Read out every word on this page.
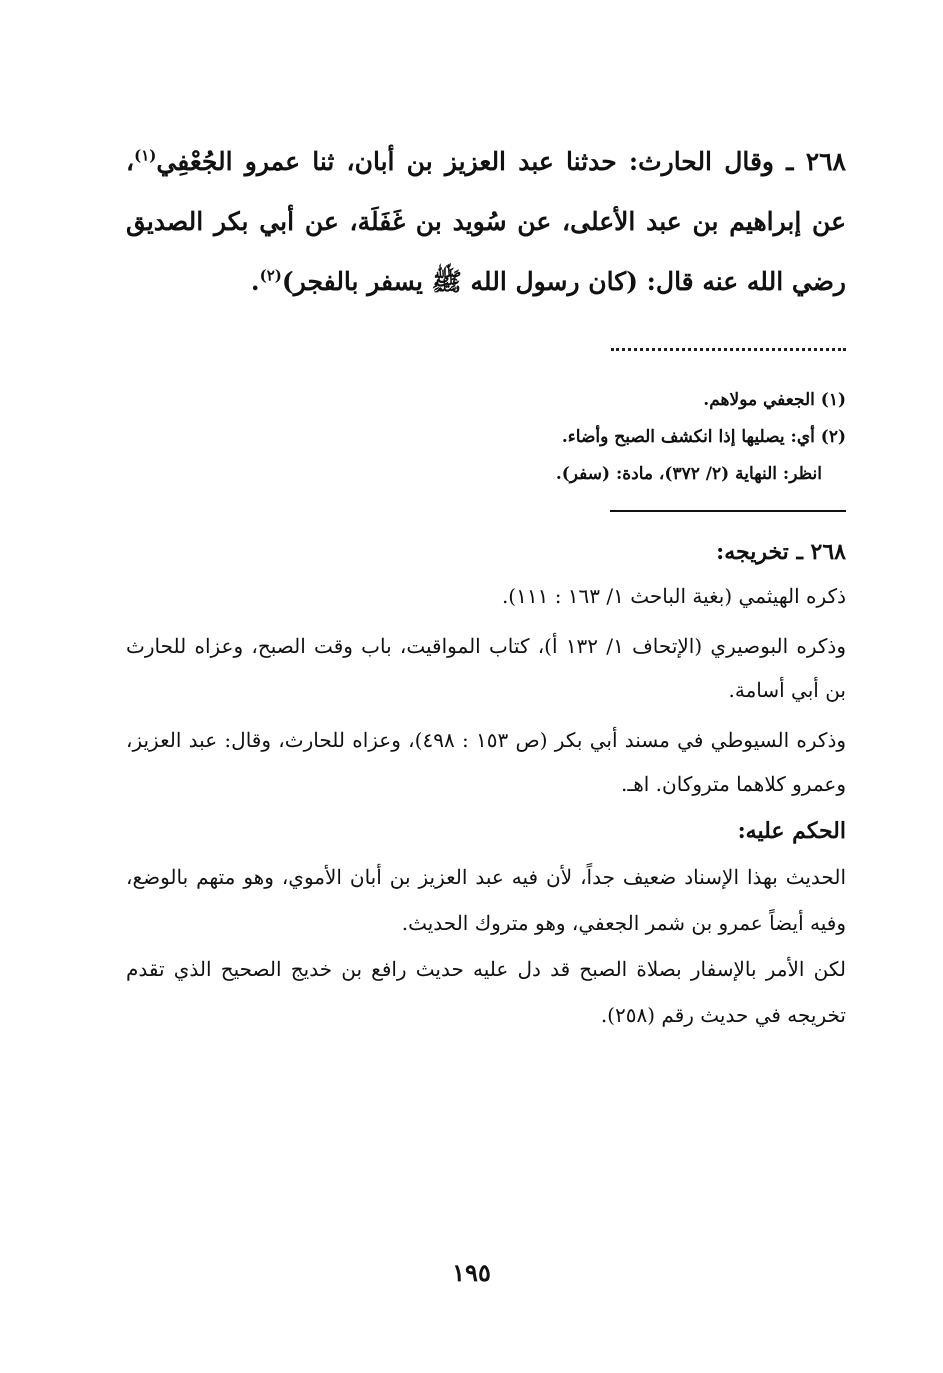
٢٦٨ ـ وقال الحارث: حدثنا عبد العزيز بن أبان، ثنا عمرو الجُعْفِي$^{(١)}$، عن إبراهيم بن عبد الأعلى، عن سُويد بن غَفَلَة، عن أبي بكر الصديق رضي الله عنه قال: (كان رسول الله ﷺ يسفر بالفجر)$^{(٢)}$.

(١) الجعفي مولاهم.

(٢) أي: يصليها إذا انكشف الصبح وأضاء.

انظر: النهاية (٢/ ٣٧٢)، مادة: (سفر).

٢٦٨ ـ تخريجه:

ذكره الهيثمي (بغية الباحث ١/ ١٦٣ : ١١١).

وذكره البوصيري (الإتحاف ١/ ١٣٢ أ)، كتاب المواقيت، باب وقت الصبح، وعزاه للحارث بن أبي أسامة.

وذكره السيوطي في مسند أبي بكر (ص ١٥٣ : ٤٩٨)، وعزاه للحارث، وقال: عبد العزيز، وعمرو كلاهما متروكان. اهـ.

الحكم عليه:

الحديث بهذا الإسناد ضعيف جداً، لأن فيه عبد العزيز بن أبان الأموي، وهو متهم بالوضع، وفيه أيضاً عمرو بن شمر الجعفي، وهو متروك الحديث.

لكن الأمر بالإسفار بصلاة الصبح قد دل عليه حديث رافع بن خديج الصحيح الذي تقدم تخريجه في حديث رقم (٢٥٨).

١٩٥
